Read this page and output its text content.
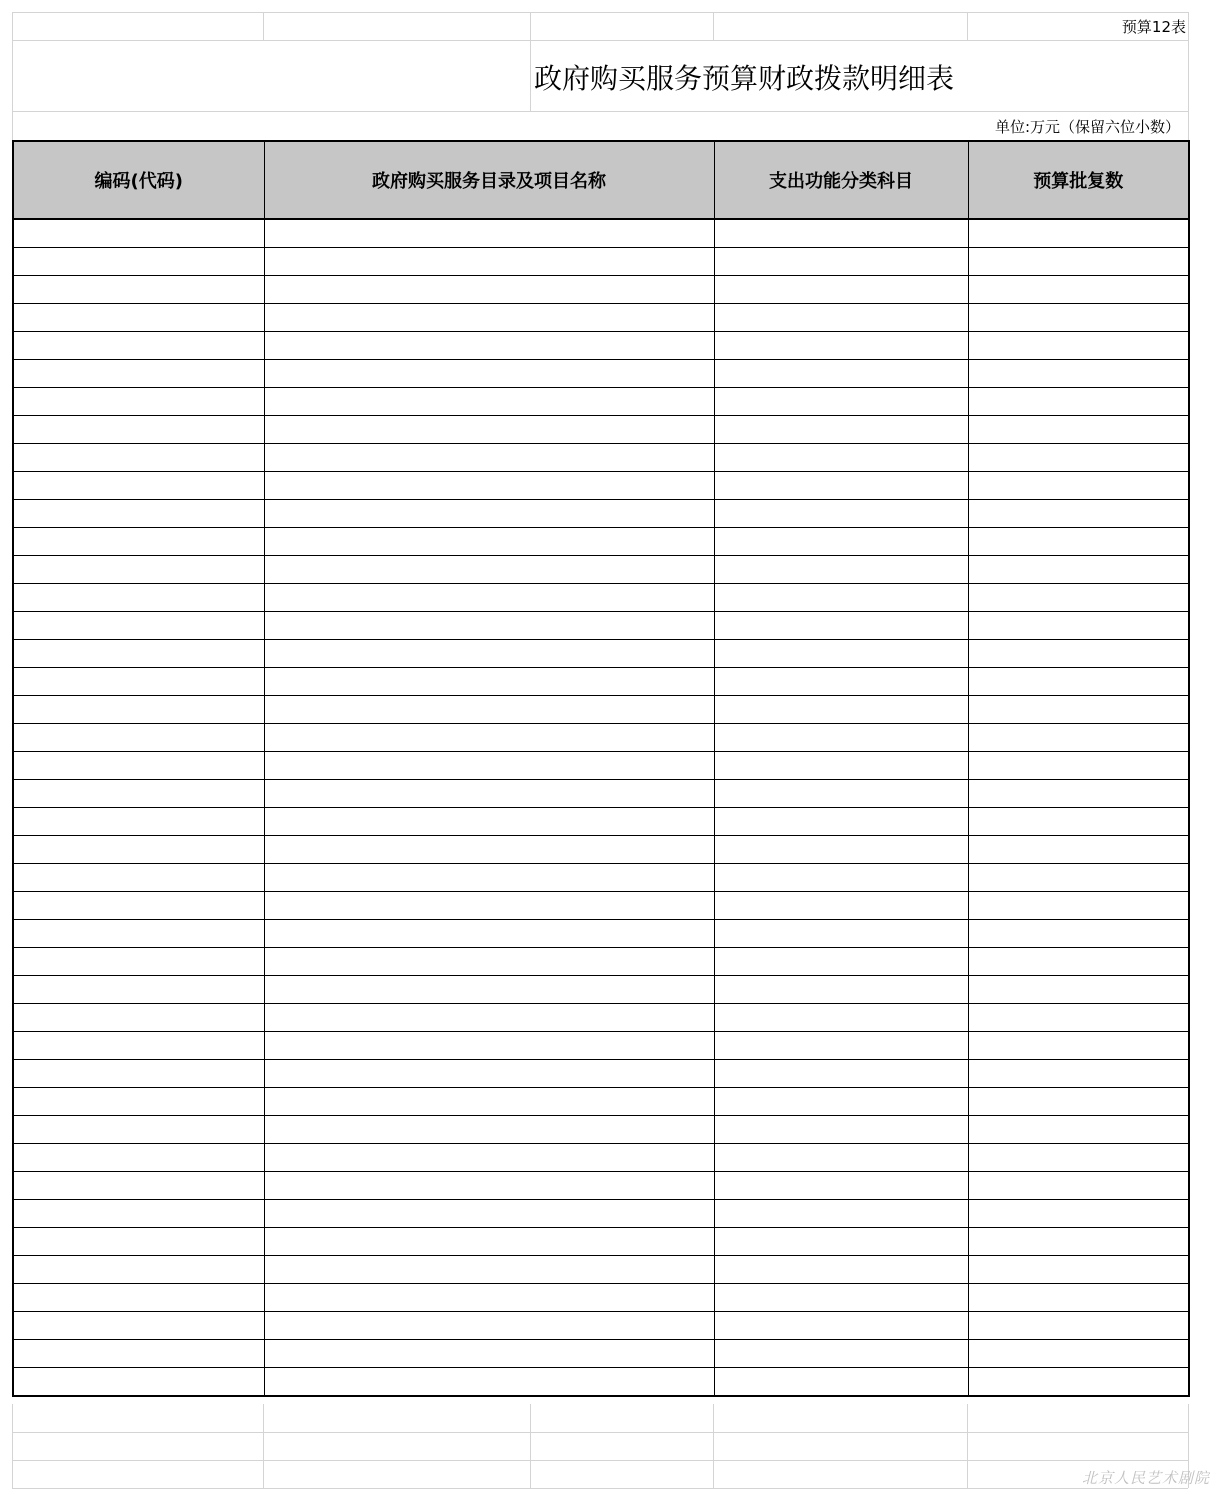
预算12表
政府购买服务预算财政拨款明细表
单位:万元（保留六位小数）
编码(代码)	政府购买服务目录及项目名称	支出功能分类科目	预算批复数

北京人民艺术剧院
